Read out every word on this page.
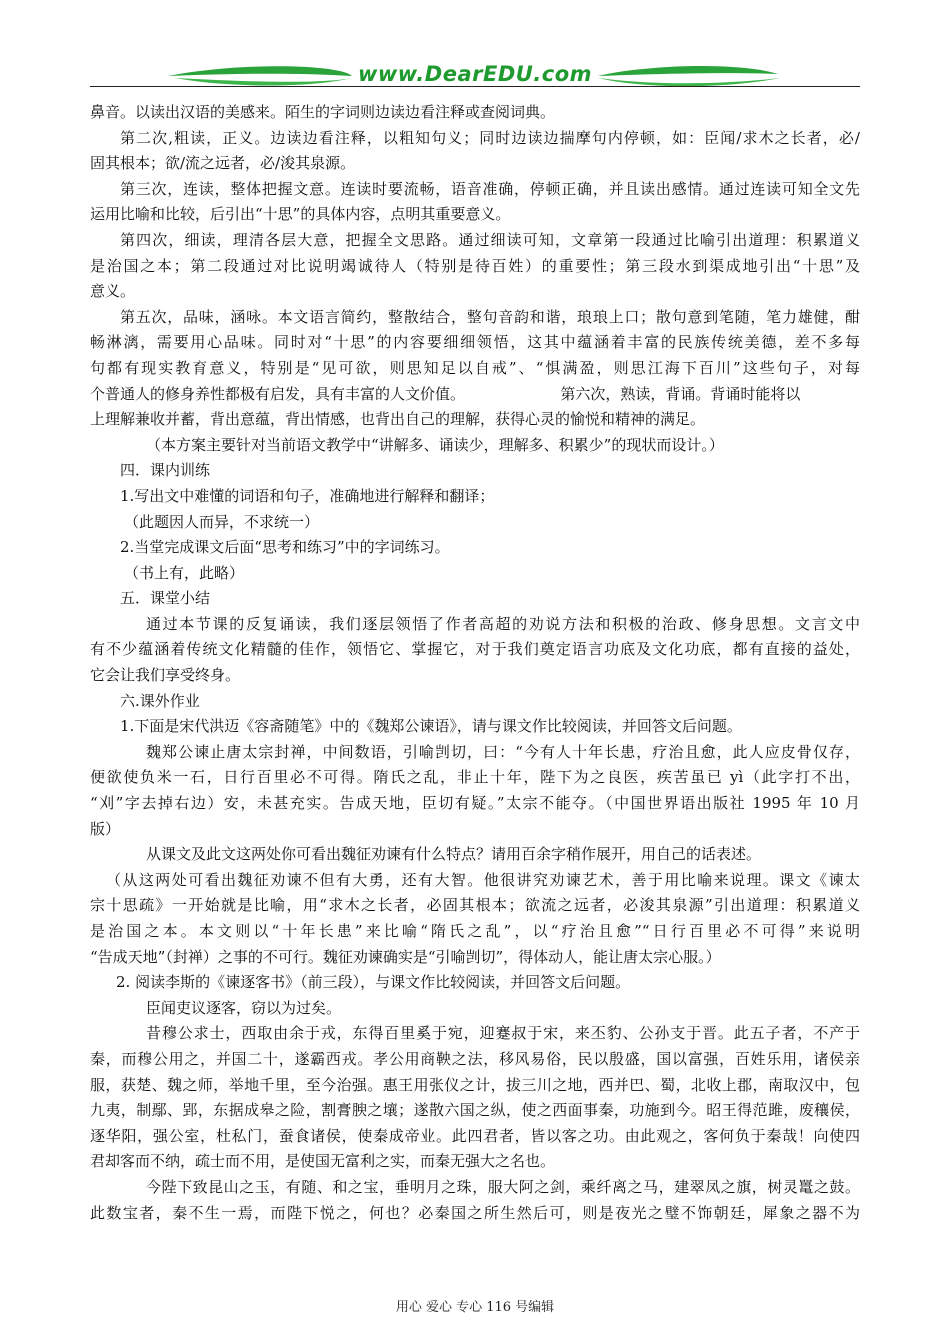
www.DearEDU.com
鼻音。以读出汉语的美感来。陌生的字词则边读边看注释或查阅词典。
第二次,粗读，正义。边读边看注释，以粗知句义；同时边读边揣摩句内停顿，如：臣闻/求木之长者，必/
固其根本；欲/流之远者，必/浚其泉源。
第三次，连读，整体把握文意。连读时要流畅，语音准确，停顿正确，并且读出感情。通过连读可知全文先
运用比喻和比较，后引出“十思”的具体内容，点明其重要意义。
第四次，细读，理清各层大意，把握全文思路。通过细读可知，文章第一段通过比喻引出道理：积累道义
是治国之本；第二段通过对比说明竭诚待人（特别是待百姓）的重要性；第三段水到渠成地引出“十思”及
意义。
第五次，品味，涵咏。本文语言简约，整散结合，整句音韵和谐，琅琅上口；散句意到笔随，笔力雄健，酣
畅淋漓，需要用心品味。同时对“十思”的内容要细细领悟，这其中蕴涵着丰富的民族传统美德，差不多每
句都有现实教育意义，特别是“见可欲，则思知足以自戒”、“惧满盈，则思江海下百川”这些句子，对每
个普通人的修身养性都极有启发，具有丰富的人文价值。                    第六次，熟读，背诵。背诵时能将以
上理解兼收并蓄，背出意蕴，背出情感，也背出自己的理解，获得心灵的愉悦和精神的满足。
（本方案主要针对当前语文教学中“讲解多、诵读少，理解多、积累少”的现状而设计。）
四．课内训练
1.写出文中难懂的词语和句子，准确地进行解释和翻译；
（此题因人而异，不求统一）
2.当堂完成课文后面“思考和练习”中的字词练习。
（书上有，此略）
五．课堂小结
通过本节课的反复诵读，我们逐层领悟了作者高超的劝说方法和积极的治政、修身思想。文言文中
有不少蕴涵着传统文化精髓的佳作，领悟它、掌握它，对于我们奠定语言功底及文化功底，都有直接的益处，
它会让我们享受终身。
六.课外作业
1.下面是宋代洪迈《容斋随笔》中的《魏郑公谏语》，请与课文作比较阅读，并回答文后问题。
魏郑公谏止唐太宗封禅，中间数语，引喻剀切，曰：“今有人十年长患，疗治且愈，此人应皮骨仅存，
便欲使负米一石，日行百里必不可得。隋氏之乱，非止十年，陛下为之良医，疾苦虽已 yì（此字打不出，
“刈”字去掉右边）安，未甚充实。告成天地，臣切有疑。”太宗不能夺。（中国世界语出版社 1995 年 10 月
版）
从课文及此文这两处你可看出魏征劝谏有什么特点？请用百余字稍作展开，用自己的话表述。
（从这两处可看出魏征劝谏不但有大勇，还有大智。他很讲究劝谏艺术，善于用比喻来说理。课文《谏太
宗十思疏》一开始就是比喻，用“求木之长者，必固其根本；欲流之远者，必浚其泉源”引出道理：积累道义
是治国之本。本文则以“十年长患”来比喻“隋氏之乱”，以“疗治且愈”“日行百里必不可得”来说明
“告成天地”（封禅）之事的不可行。魏征劝谏确实是“引喻剀切”，得体动人，能让唐太宗心服。）
2. 阅读李斯的《谏逐客书》（前三段），与课文作比较阅读，并回答文后问题。
臣闻吏议逐客，窃以为过矣。
昔穆公求士，西取由余于戎，东得百里奚于宛，迎蹇叔于宋，来丕豹、公孙支于晋。此五子者，不产于
秦，而穆公用之，并国二十，遂霸西戎。孝公用商鞅之法，移风易俗，民以殷盛，国以富强，百姓乐用，诸侯亲
服，获楚、魏之师，举地千里，至今治强。惠王用张仪之计，拔三川之地，西并巴、蜀，北收上郡，南取汉中，包
九夷，制鄢、郢，东据成皋之险，割膏腴之壤；遂散六国之纵，使之西面事秦，功施到今。昭王得范雎，废穰侯，
逐华阳，强公室，杜私门，蚕食诸侯，使秦成帝业。此四君者，皆以客之功。由此观之，客何负于秦哉！向使四
君却客而不纳，疏士而不用，是使国无富利之实，而秦无强大之名也。
今陛下致昆山之玉，有随、和之宝，垂明月之珠，服大阿之剑，乘纤离之马，建翠凤之旗，树灵鼍之鼓。
此数宝者，秦不生一焉，而陛下悦之，何也？必秦国之所生然后可，则是夜光之璧不饰朝廷，犀象之器不为
用心 爱心 专心 116 号编辑
